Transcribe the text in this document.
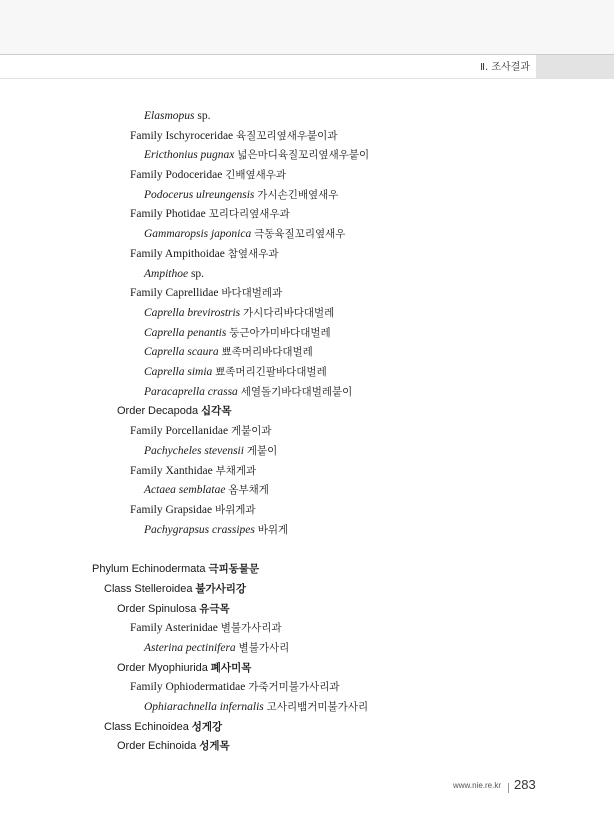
Ⅱ. 조사결과
Elasmopus sp.
Family Ischyroceridae 육질꼬리옆새우붙이과
Ericthonius pugnax 넓은마디육질꼬리옆새우붙이
Family Podoceridae 긴배옆새우과
Podocerus ulreungensis 가시손긴배옆새우
Family Photidae 꼬리다리옆새우과
Gammaropsis japonica 극동육질꼬리옆새우
Family Ampithoidae 참옆새우과
Ampithoe sp.
Family Caprellidae 바다대벌레과
Caprella brevirostris 가시다리바다대벌레
Caprella penantis 둥근아가미바다대벌레
Caprella scaura 뾰족머리바다대벌레
Caprella simia 뾰족머리긴팔바다대벌레
Paracaprella crassa 세열돌기바다대벌레붙이
Order Decapoda 십각목
Family Porcellanidae 게붙이과
Pachycheles stevensii 게붙이
Family Xanthidae 부채게과
Actaea semblatae 옴부채게
Family Grapsidae 바위게과
Pachygrapsus crassipes 바위게
Phylum Echinodermata 극피동물문
Class Stelleroidea 불가사리강
Order Spinulosa 유극목
Family Asterinidae 별불가사리과
Asterina pectinifera 별불가사리
Order Myophiurida 폐사미목
Family Ophiodermatidae 가죽거미불가사리과
Ophiarachnella infernalis 고사리뱀거미불가사리
Class Echinoidea 성게강
Order Echinoida 성게목
www.nie.re.kr 283
